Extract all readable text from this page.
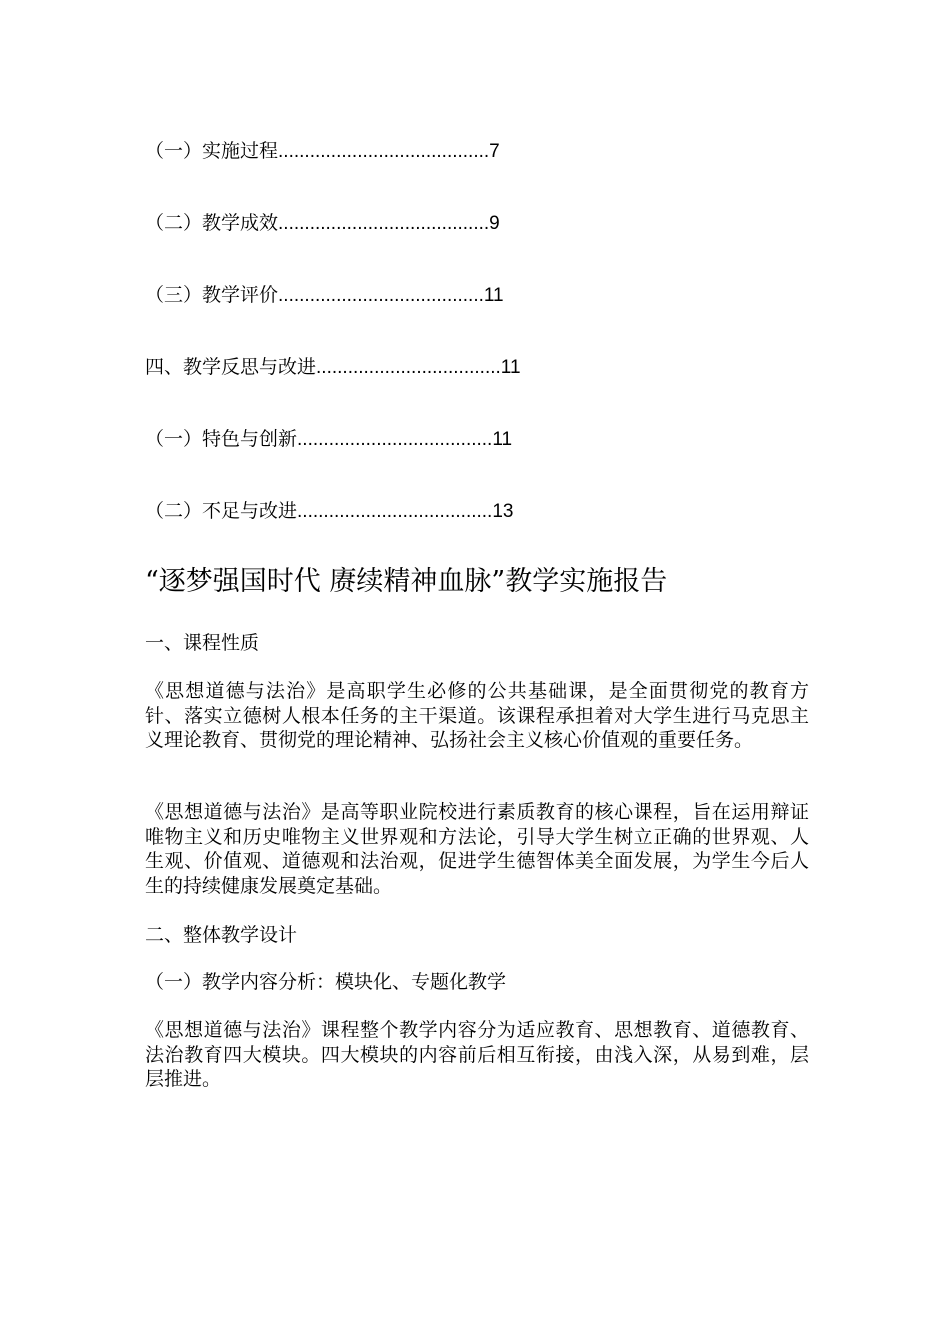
（一）实施过程........................................7
（二）教学成效........................................9
（三）教学评价.......................................11
四、教学反思与改进...................................11
（一）特色与创新.....................................11
（二）不足与改进.....................................13
“逐梦强国时代 赓续精神血脉”教学实施报告
一、课程性质
《思想道德与法治》是高职学生必修的公共基础课，是全面贯彻党的教育方针、落实立德树人根本任务的主干渠道。该课程承担着对大学生进行马克思主义理论教育、贯彻党的理论精神、弘扬社会主义核心价值观的重要任务。
《思想道德与法治》是高等职业院校进行素质教育的核心课程，旨在运用辩证唯物主义和历史唯物主义世界观和方法论，引导大学生树立正确的世界观、人生观、价值观、道德观和法治观，促进学生德智体美全面发展，为学生今后人生的持续健康发展奠定基础。
二、整体教学设计
（一）教学内容分析：模块化、专题化教学
《思想道德与法治》课程整个教学内容分为适应教育、思想教育、道德教育、法治教育四大模块。四大模块的内容前后相互衔接，由浅入深，从易到难，层层推进。
